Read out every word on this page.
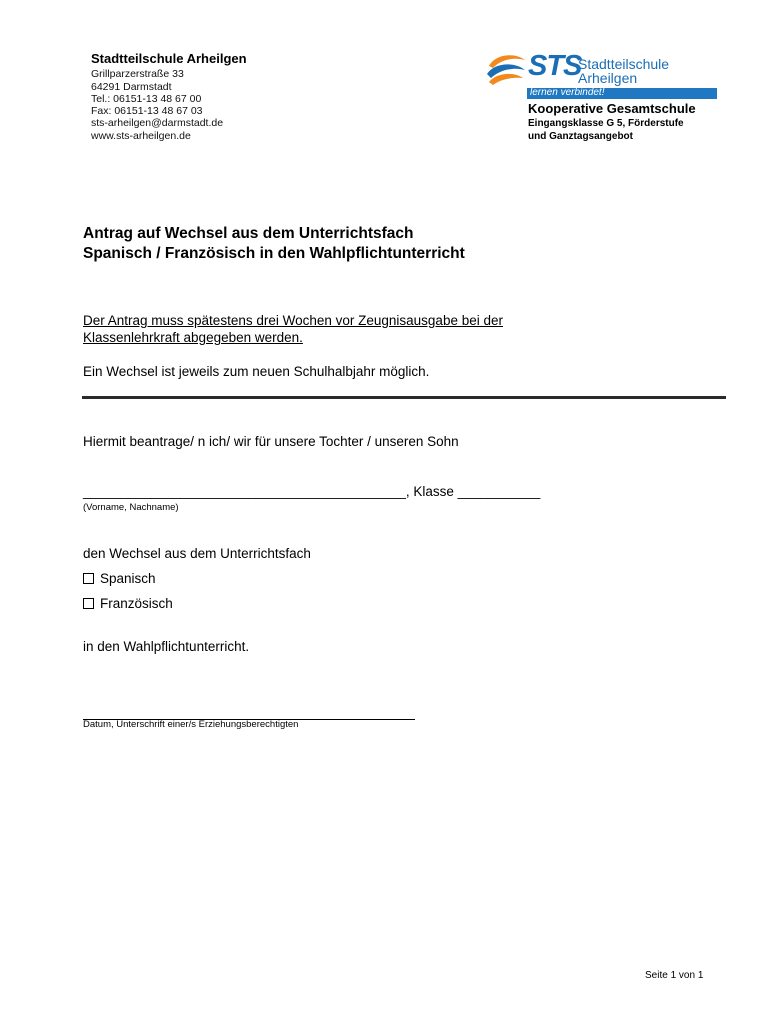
Stadtteilschule Arheilgen
Grillparzerstraße 33
64291 Darmstadt
Tel.: 06151-13 48 67 00
Fax: 06151-13 48 67 03
sts-arheilgen@darmstadt.de
www.sts-arheilgen.de
STS
Stadtteilschule
Arheilgen
lernen verbindet!
Kooperative Gesamtschule
Eingangsklasse G 5, Förderstufe
und Ganztagsangebot
Antrag auf Wechsel aus dem Unterrichtsfach
Spanisch / Französisch in den Wahlpflichtunterricht
Der Antrag muss spätestens drei Wochen vor Zeugnisausgabe bei der
Klassenlehrkraft abgegeben werden.
Ein Wechsel ist jeweils zum neuen Schulhalbjahr möglich.
Hiermit beantrage/ n ich/ wir für unsere Tochter / unseren Sohn
___________________________________________, Klasse ___________
(Vorname, Nachname)
den Wechsel aus dem Unterrichtsfach
Spanisch
Französisch
in den Wahlpflichtunterricht.
Datum, Unterschrift einer/s Erziehungsberechtigten
Seite 1 von 1
